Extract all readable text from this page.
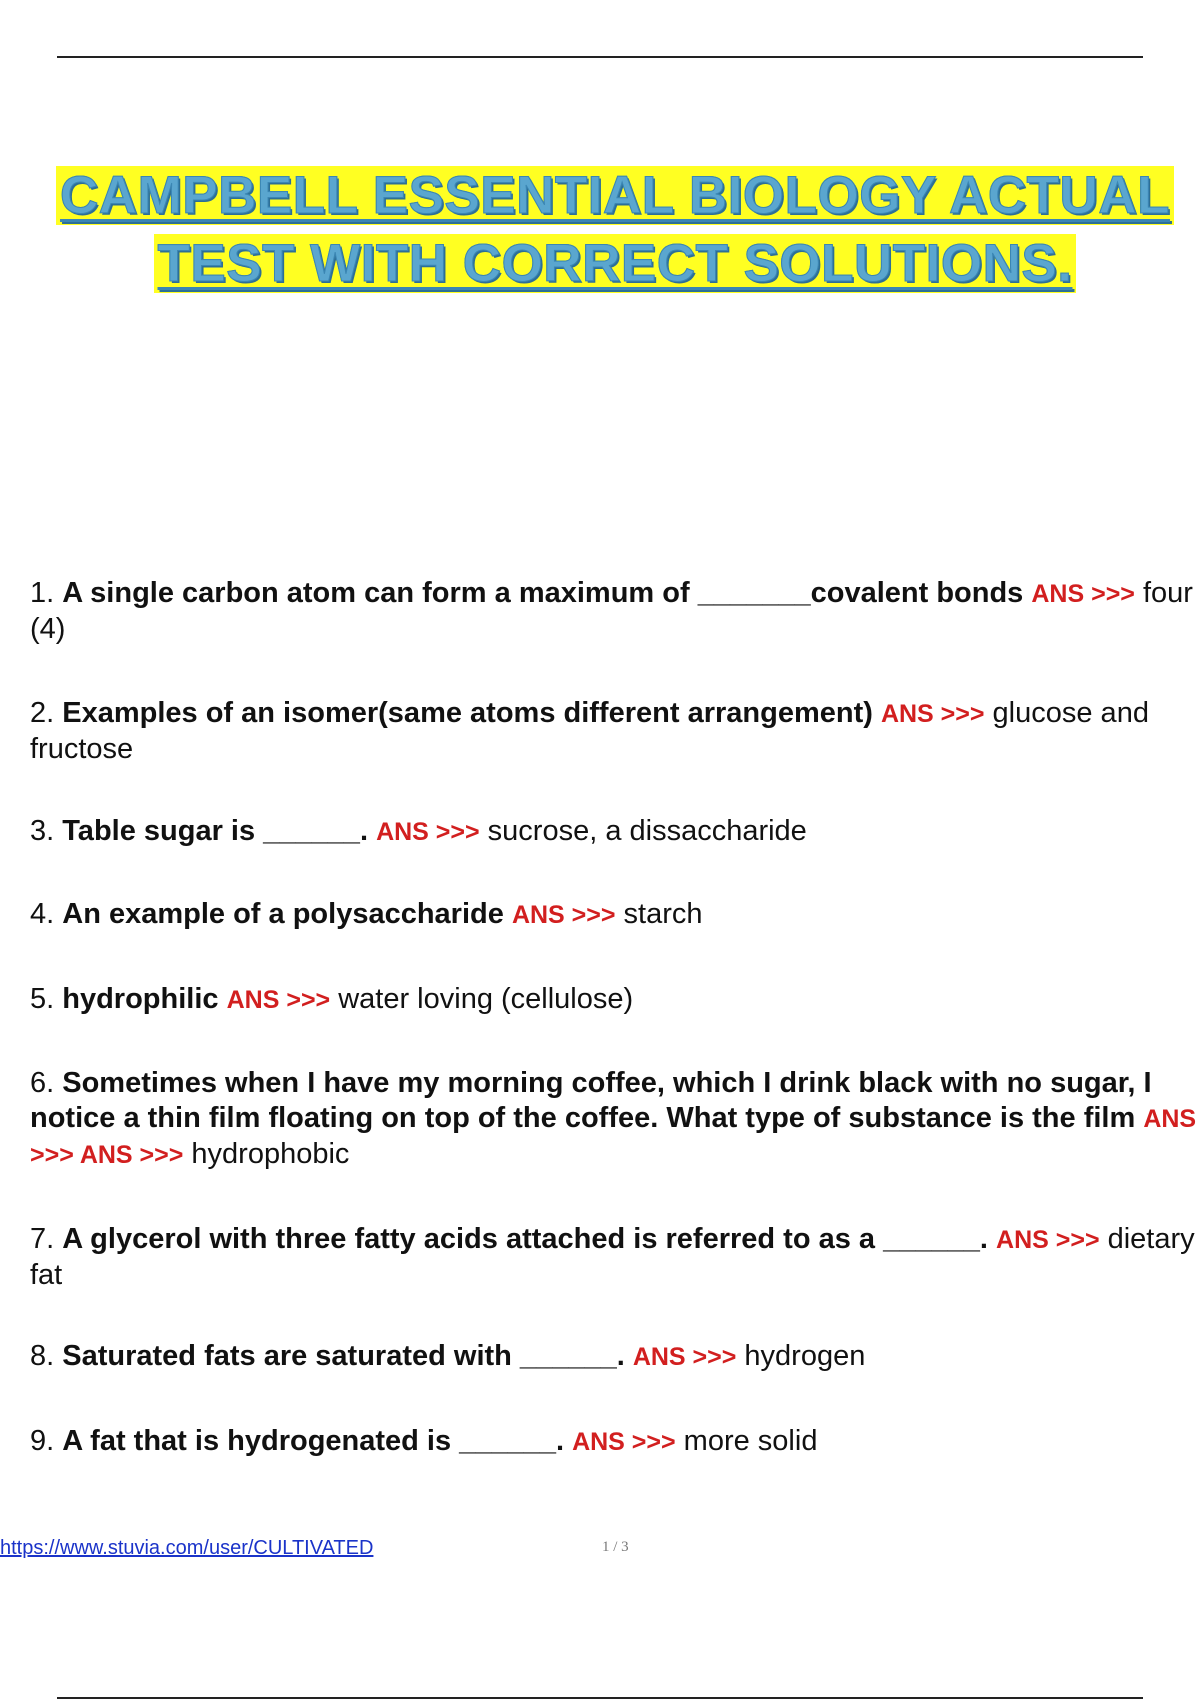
CAMPBELL ESSENTIAL BIOLOGY ACTUAL
TEST WITH CORRECT SOLUTIONS.
1. A single carbon atom can form a maximum of _______covalent bonds ANS >>> four (4)
2. Examples of an isomer(same atoms different arrangement) ANS >>> glucose and fructose
3. Table sugar is ______. ANS >>> sucrose, a dissaccharide
4. An example of a polysaccharide ANS >>> starch
5. hydrophilic ANS >>> water loving (cellulose)
6. Sometimes when I have my morning coffee, which I drink black with no sugar, I notice a thin film floating on top of the coffee. What type of substance is the film ANS >>> ANS >>> hydrophobic
7. A glycerol with three fatty acids attached is referred to as a ______. ANS >>> dietary fat
8. Saturated fats are saturated with ______. ANS >>> hydrogen
9. A fat that is hydrogenated is ______. ANS >>> more solid
https://www.stuvia.com/user/CULTIVATED	1 / 3
